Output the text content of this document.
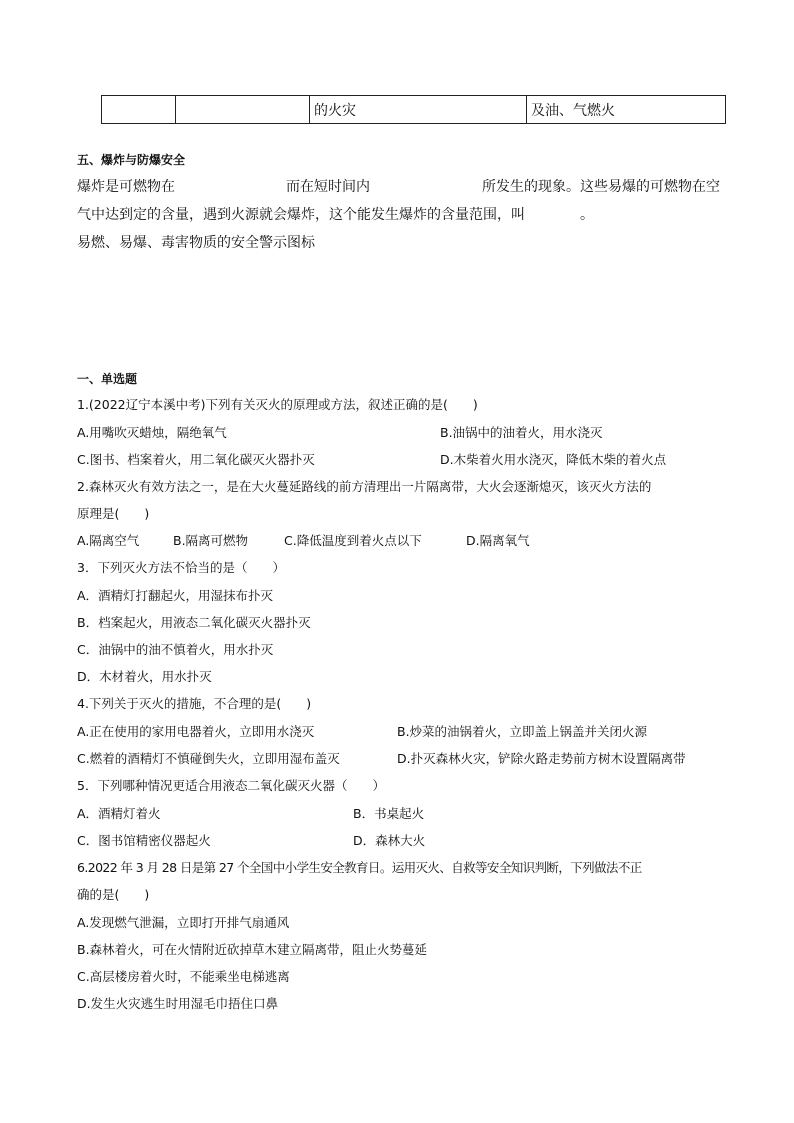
		的火灾	及油、气燃火
五、爆炸与防爆安全
爆炸是可燃物在	而在短时间内	所发生的现象。这些易爆的可燃物在空
气中达到定的含量，遇到火源就会爆炸，这个能发生爆炸的含量范围，叫	。
易燃、易爆、毒害物质的安全警示图标
一、单选题
1.(2022辽宁本溪中考)下列有关灭火的原理或方法，叙述正确的是(　　)
A.用嘴吹灭蜡烛，隔绝氧气	B.油锅中的油着火，用水浇灭
C.图书、档案着火，用二氧化碳灭火器扑灭	D.木柴着火用水浇灭，降低木柴的着火点
2.森林灭火有效方法之一，是在大火蔓延路线的前方清理出一片隔离带，大火会逐渐熄灭，该灭火方法的
原理是(　　)
A.隔离空气	B.隔离可燃物	C.降低温度到着火点以下	D.隔离氧气
3．下列灭火方法不恰当的是（　　）
A．酒精灯打翻起火，用湿抹布扑灭
B．档案起火，用液态二氧化碳灭火器扑灭
C．油锅中的油不慎着火，用水扑灭
D．木材着火，用水扑灭
4.下列关于灭火的措施，不合理的是(　　)
A.正在使用的家用电器着火，立即用水浇灭	B.炒菜的油锅着火，立即盖上锅盖并关闭火源
C.燃着的酒精灯不慎碰倒失火，立即用湿布盖灭	D.扑灭森林火灾，铲除火路走势前方树木设置隔离带
5．下列哪种情况更适合用液态二氧化碳灭火器（　　）
A．酒精灯着火	B．书桌起火
C．图书馆精密仪器起火	D．森林大火
6.2022 年 3 月 28 日是第 27 个全国中小学生安全教育日。运用灭火、自救等安全知识判断，下列做法不正
确的是(　　)
A.发现燃气泄漏，立即打开排气扇通风
B.森林着火，可在火情附近砍掉草木建立隔离带，阻止火势蔓延
C.高层楼房着火时，不能乘坐电梯逃离
D.发生火灾逃生时用湿毛巾捂住口鼻
